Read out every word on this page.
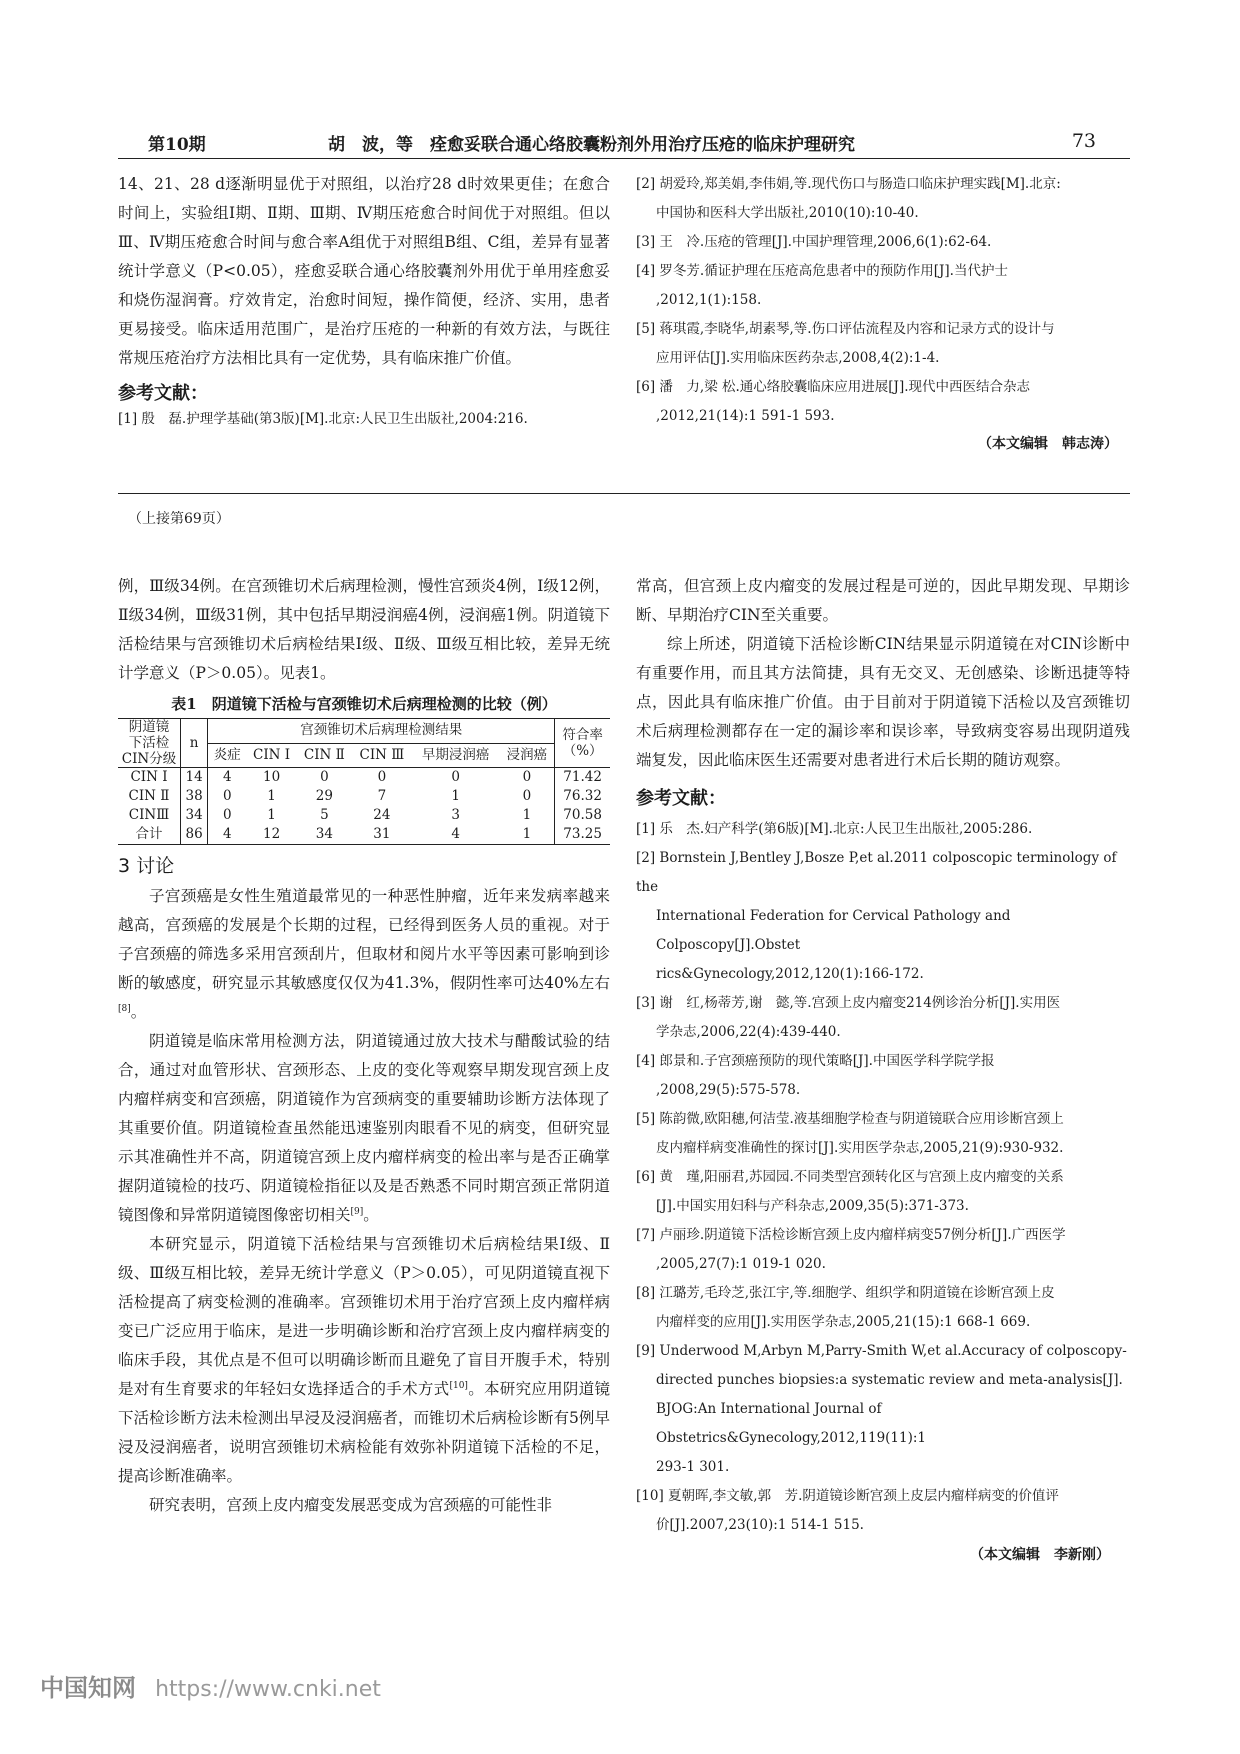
第10期	胡　波，等　痊愈妥联合通心络胶囊粉剂外用治疗压疮的临床护理研究	73

14、21、28 d逐渐明显优于对照组，以治疗28 d时效果更佳；在愈合时间上，实验组Ⅰ期、Ⅱ期、Ⅲ期、Ⅳ期压疮愈合时间优于对照组。但以Ⅲ、Ⅳ期压疮愈合时间与愈合率A组优于对照组B组、C组，差异有显著统计学意义（P<0.05），痊愈妥联合通心络胶囊剂外用优于单用痊愈妥和烧伤湿润膏。疗效肯定，治愈时间短，操作简便，经济、实用，患者更易接受。临床适用范围广，是治疗压疮的一种新的有效方法，与既往常规压疮治疗方法相比具有一定优势，具有临床推广价值。

参考文献：

[1] 殷　磊.护理学基础(第3版)[M].北京:人民卫生出版社,2004:216.
[2] 胡爱玲,郑美娟,李伟娟,等.现代伤口与肠造口临床护理实践[M].北京:
中国协和医科大学出版社,2010(10):10-40.
[3] 王　冷.压疮的管理[J].中国护理管理,2006,6(1):62-64.
[4] 罗冬芳.循证护理在压疮高危患者中的预防作用[J].当代护士
,2012,1(1):158.
[5] 蒋琪霞,李晓华,胡素琴,等.伤口评估流程及内容和记录方式的设计与
应用评估[J].实用临床医药杂志,2008,4(2):1-4.
[6] 潘　力,梁 松.通心络胶囊临床应用进展[J].现代中西医结合杂志
,2012,21(14):1 591-1 593.
（本文编辑　韩志涛）
（上接第69页）

例，Ⅲ级34例。在宫颈锥切术后病理检测，慢性宫颈炎4例，Ⅰ级12例，Ⅱ级34例，Ⅲ级31例，其中包括早期浸润癌4例，浸润癌1例。阴道镜下活检结果与宫颈锥切术后病检结果Ⅰ级、Ⅱ级、Ⅲ级互相比较，差异无统计学意义（P＞0.05）。见表1。

表1　阴道镜下活检与宫颈锥切术后病理检测的比较（例）
阴道镜
下活检
CIN分级	n	宫颈锥切术后病理检测结果						符合率
（%）
		炎症	CIN Ⅰ	CIN Ⅱ	CIN Ⅲ	早期浸润癌	浸润癌	
CIN Ⅰ	14	4	10	0	0	0	0	71.42
CIN Ⅱ	38	0	1	29	7	1	0	76.32
CINⅢ	34	0	1	5	24	3	1	70.58
合计	86	4	12	34	31	4	1	73.25

3 讨论

子宫颈癌是女性生殖道最常见的一种恶性肿瘤，近年来发病率越来越高，宫颈癌的发展是个长期的过程，已经得到医务人员的重视。对于子宫颈癌的筛选多采用宫颈刮片，但取材和阅片水平等因素可影响到诊断的敏感度，研究显示其敏感度仅仅为41.3%，假阴性率可达40%左右[8]。

阴道镜是临床常用检测方法，阴道镜通过放大技术与醋酸试验的结合，通过对血管形状、宫颈形态、上皮的变化等观察早期发现宫颈上皮内瘤样病变和宫颈癌，阴道镜作为宫颈病变的重要辅助诊断方法体现了其重要价值。阴道镜检查虽然能迅速鉴别肉眼看不见的病变，但研究显示其准确性并不高，阴道镜宫颈上皮内瘤样病变的检出率与是否正确掌握阴道镜检的技巧、阴道镜检指征以及是否熟悉不同时期宫颈正常阴道镜图像和异常阴道镜图像密切相关[9]。

本研究显示，阴道镜下活检结果与宫颈锥切术后病检结果Ⅰ级、Ⅱ级、Ⅲ级互相比较，差异无统计学意义（P＞0.05），可见阴道镜直视下活检提高了病变检测的准确率。宫颈锥切术用于治疗宫颈上皮内瘤样病变已广泛应用于临床，是进一步明确诊断和治疗宫颈上皮内瘤样病变的临床手段，其优点是不但可以明确诊断而且避免了盲目开腹手术，特别是对有生育要求的年轻妇女选择适合的手术方式[10]。本研究应用阴道镜下活检诊断方法未检测出早浸及浸润癌者，而锥切术后病检诊断有5例早浸及浸润癌者，说明宫颈锥切术病检能有效弥补阴道镜下活检的不足，提高诊断准确率。

研究表明，宫颈上皮内瘤变发展恶变成为宫颈癌的可能性非

常高，但宫颈上皮内瘤变的发展过程是可逆的，因此早期发现、早期诊断、早期治疗CIN至关重要。

综上所述，阴道镜下活检诊断CIN结果显示阴道镜在对CIN诊断中有重要作用，而且其方法简捷，具有无交叉、无创感染、诊断迅捷等特点，因此具有临床推广价值。由于目前对于阴道镜下活检以及宫颈锥切术后病理检测都存在一定的漏诊率和误诊率，导致病变容易出现阴道残端复发，因此临床医生还需要对患者进行术后长期的随访观察。

参考文献：

[1] 乐　杰.妇产科学(第6版)[M].北京:人民卫生出版社,2005:286.
[2] Bornstein J,Bentley J,Bosze P,et al.2011 colposcopic terminology of the
International Federation for Cervical Pathology and Colposcopy[J].Obstet
rics&Gynecology,2012,120(1):166-172.
[3] 谢　红,杨蒂芳,谢　懿,等.宫颈上皮内瘤变214例诊治分析[J].实用医
学杂志,2006,22(4):439-440.
[4] 郎景和.子宫颈癌预防的现代策略[J].中国医学科学院学报
,2008,29(5):575-578.
[5] 陈韵微,欧阳穗,何洁莹.液基细胞学检查与阴道镜联合应用诊断宫颈上
皮内瘤样病变准确性的探讨[J].实用医学杂志,2005,21(9):930-932.
[6] 黄　瑾,阳丽君,苏园园.不同类型宫颈转化区与宫颈上皮内瘤变的关系
[J].中国实用妇科与产科杂志,2009,35(5):371-373.
[7] 卢丽珍.阴道镜下活检诊断宫颈上皮内瘤样病变57例分析[J].广西医学
,2005,27(7):1 019-1 020.
[8] 江璐芳,毛玲芝,张江宇,等.细胞学、组织学和阴道镜在诊断宫颈上皮
内瘤样变的应用[J].实用医学杂志,2005,21(15):1 668-1 669.
[9] Underwood M,Arbyn M,Parry-Smith W,et al.Accuracy of colposcopy-
directed punches biopsies:a systematic review and meta-analysis[J].
BJOG:An International Journal of Obstetrics&Gynecology,2012,119(11):1
293-1 301.
[10] 夏朝晖,李文敏,郭　芳.阴道镜诊断宫颈上皮层内瘤样病变的价值评
价[J].2007,23(10):1 514-1 515.
（本文编辑　李新刚）
中国知网 https://www.cnki.net
